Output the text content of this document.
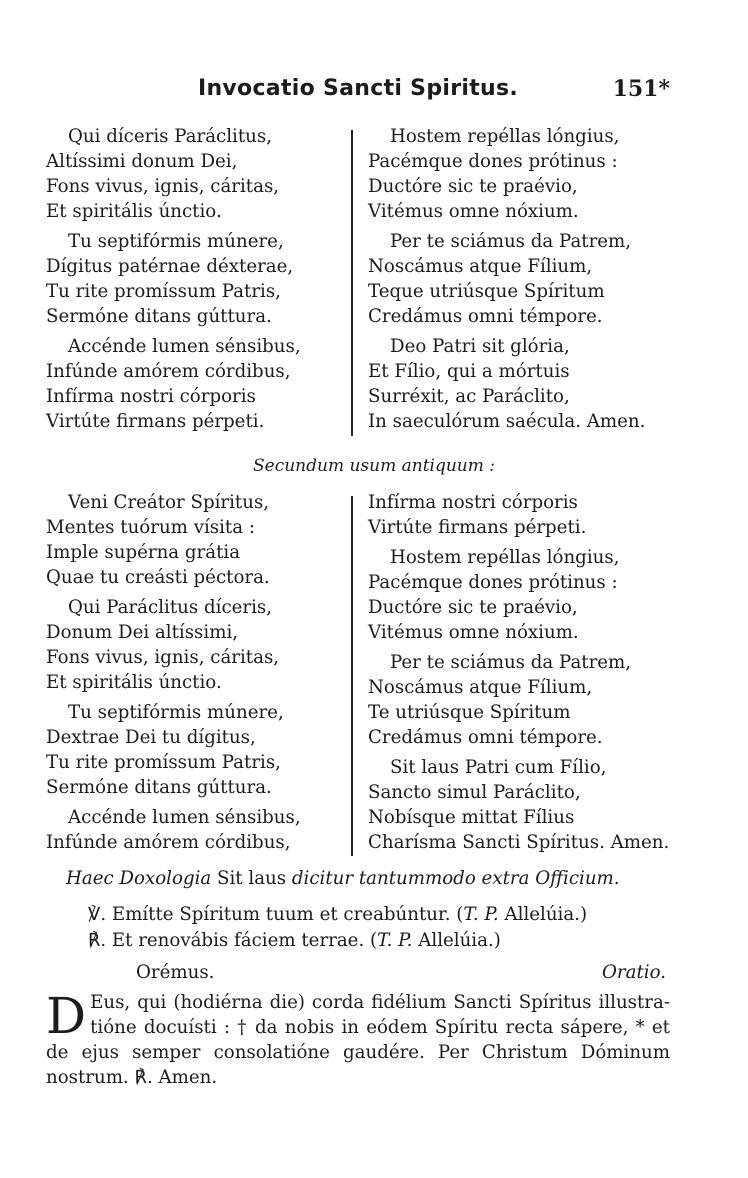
Invocatio Sancti Spiritus.	151*
Qui díceris Paráclitus,
Altíssimi donum Dei,
Fons vivus, ignis, cáritas,
Et spiritális únctio.
Tu septifórmis múnere,
Dígitus patérnae déxterae,
Tu rite promíssum Patris,
Sermóne ditans gúttura.
Accénde lumen sénsibus,
Infúnde amórem córdibus,
Infírma nostri córporis
Virtúte firmans pérpeti.
Hostem repéllas lóngius,
Pacémque dones prótinus :
Ductóre sic te praévio,
Vitémus omne nóxium.
Per te sciámus da Patrem,
Noscámus atque Fílium,
Teque utriúsque Spíritum
Credámus omni témpore.
Deo Patri sit glória,
Et Fílio, qui a mórtuis
Surréxit, ac Paráclito,
In saeculórum saécula. Amen.
Secundum usum antiquum :
Veni Creátor Spíritus,
Mentes tuórum vísita :
Imple supérna grátia
Quae tu creásti péctora.
Qui Paráclitus díceris,
Donum Dei altíssimi,
Fons vivus, ignis, cáritas,
Et spiritális únctio.
Tu septifórmis múnere,
Dextrae Dei tu dígitus,
Tu rite promíssum Patris,
Sermóne ditans gúttura.
Accénde lumen sénsibus,
Infúnde amórem córdibus,
Infírma nostri córporis
Virtúte firmans pérpeti.
Hostem repéllas lóngius,
Pacémque dones prótinus :
Ductóre sic te praévio,
Vitémus omne nóxium.
Per te sciámus da Patrem,
Noscámus atque Fílium,
Te utriúsque Spíritum
Credámus omni témpore.
Sit laus Patri cum Fílio,
Sancto simul Paráclito,
Nobísque mittat Fílius
Charísma Sancti Spíritus. Amen.
Haec Doxologia Sit laus dicitur tantummodo extra Officium.
℣. Emítte Spíritum tuum et creabúntur. (T. P. Allelúia.)
℟. Et renovábis fáciem terrae. (T. P. Allelúia.)
Orémus.	Oratio.
D Eus, qui (hodiérna die) corda fidélium Sancti Spíritus illustra-
tióne docuísti : † da nobis in eódem Spíritu recta sápere, * et
de ejus semper consolatióne gaudére. Per Christum Dóminum
nostrum. ℟. Amen.
